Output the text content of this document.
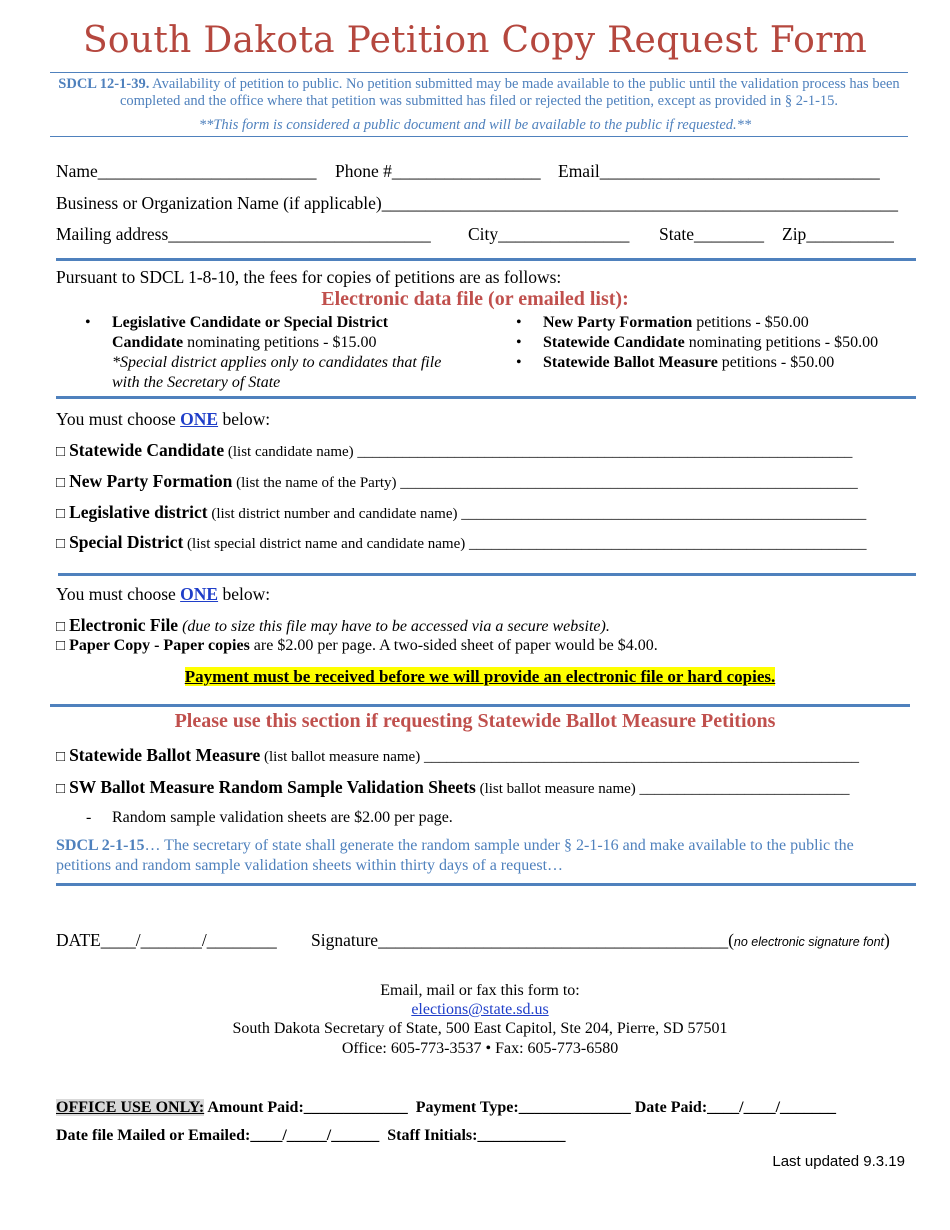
South Dakota Petition Copy Request Form
SDCL 12-1-39. Availability of petition to public. No petition submitted may be made available to the public until the validation process has been completed and the office where that petition was submitted has filed or rejected the petition, except as provided in § 2-1-15.
**This form is considered a public document and will be available to the public if requested.**
Name_________________________ Phone #_________________ Email________________________________
Business or Organization Name (if applicable)___________________________________________________________
Mailing address______________________________ City_______________ State________ Zip__________
Pursuant to SDCL 1-8-10, the fees for copies of petitions are as follows:
Electronic data file (or emailed list):
• Legislative Candidate or Special District Candidate nominating petitions - $15.00
*Special district applies only to candidates that file with the Secretary of State
• New Party Formation petitions - $50.00
• Statewide Candidate nominating petitions - $50.00
• Statewide Ballot Measure petitions - $50.00
You must choose ONE below:
□ Statewide Candidate (list candidate name) __________________________________________________________________
□ New Party Formation (list the name of the Party) _____________________________________________________________
□ Legislative district (list district number and candidate name) ______________________________________________________
□ Special District (list special district name and candidate name) _____________________________________________________
You must choose ONE below:
□ Electronic File (due to size this file may have to be accessed via a secure website).
□ Paper Copy - Paper copies are $2.00 per page. A two-sided sheet of paper would be $4.00.
Payment must be received before we will provide an electronic file or hard copies.
Please use this section if requesting Statewide Ballot Measure Petitions
□ Statewide Ballot Measure (list ballot measure name) __________________________________________________________
□ SW Ballot Measure Random Sample Validation Sheets (list ballot measure name) ____________________________
- Random sample validation sheets are $2.00 per page.
SDCL 2-1-15… The secretary of state shall generate the random sample under § 2-1-16 and make available to the public the petitions and random sample validation sheets within thirty days of a request…
DATE____/_______/________ Signature________________________________________(no electronic signature font)
Email, mail or fax this form to:
elections@state.sd.us
South Dakota Secretary of State, 500 East Capitol, Ste 204, Pierre, SD 57501
Office: 605-773-3537 • Fax: 605-773-6580
OFFICE USE ONLY: Amount Paid:_____________ Payment Type:______________ Date Paid:____/____/_______
Date file Mailed or Emailed:____/_____/______ Staff Initials:___________
Last updated 9.3.19
